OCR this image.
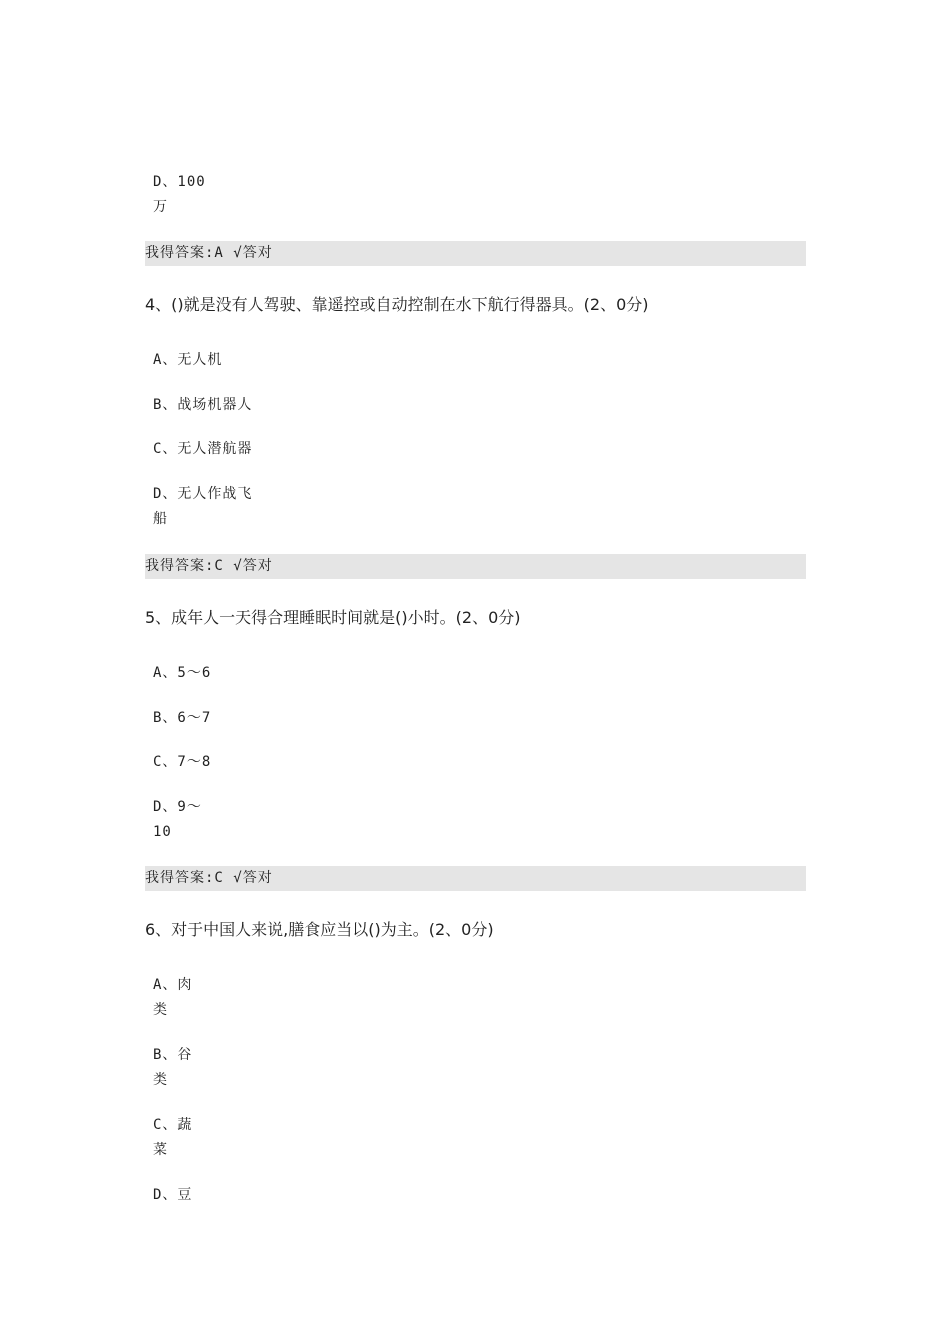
D、100
万
我得答案:A √答对
4、()就是没有人驾驶、靠遥控或自动控制在水下航行得器具。(2、0分)
A、无人机
B、战场机器人
C、无人潜航器
D、无人作战飞
船
我得答案:C √答对
5、成年人一天得合理睡眠时间就是()小时。(2、0分)
A、5～6
B、6～7
C、7～8
D、9～
10
我得答案:C √答对
6、对于中国人来说,膳食应当以()为主。(2、0分)
A、肉
类
B、谷
类
C、蔬
菜
D、豆
